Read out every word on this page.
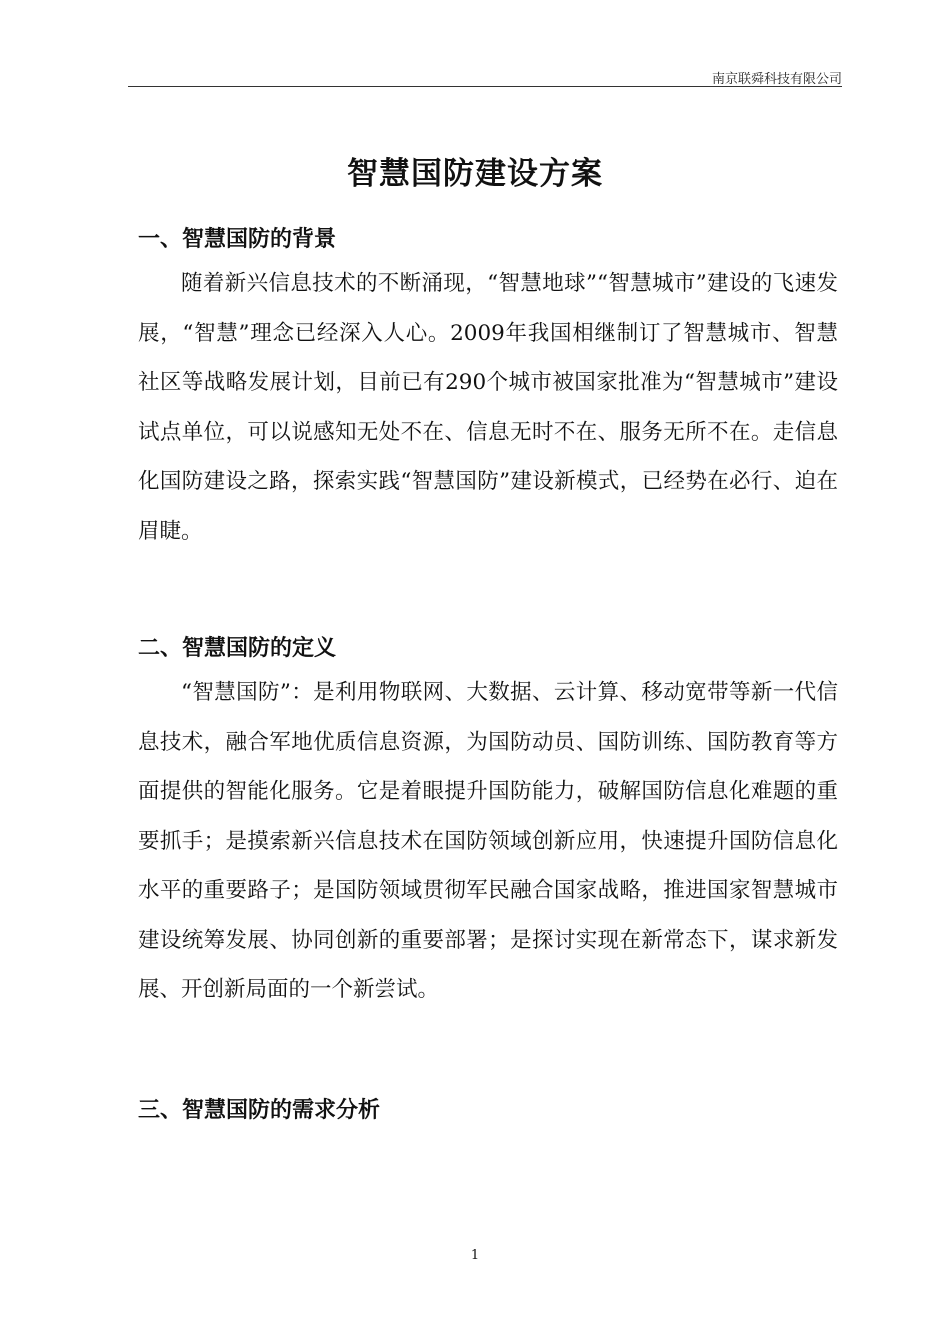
南京联舜科技有限公司
智慧国防建设方案
一、智慧国防的背景
随着新兴信息技术的不断涌现，“智慧地球”“智慧城市”建设的飞速发展，“智慧”理念已经深入人心。2009年我国相继制订了智慧城市、智慧社区等战略发展计划，目前已有290个城市被国家批准为“智慧城市”建设试点单位，可以说感知无处不在、信息无时不在、服务无所不在。走信息化国防建设之路，探索实践“智慧国防”建设新模式，已经势在必行、迫在眉睫。
二、智慧国防的定义
“智慧国防”：是利用物联网、大数据、云计算、移动宽带等新一代信息技术，融合军地优质信息资源，为国防动员、国防训练、国防教育等方面提供的智能化服务。它是着眼提升国防能力，破解国防信息化难题的重要抓手；是摸索新兴信息技术在国防领域创新应用，快速提升国防信息化水平的重要路子；是国防领域贯彻军民融合国家战略，推进国家智慧城市建设统筹发展、协同创新的重要部署；是探讨实现在新常态下，谋求新发展、开创新局面的一个新尝试。
三、智慧国防的需求分析
1
